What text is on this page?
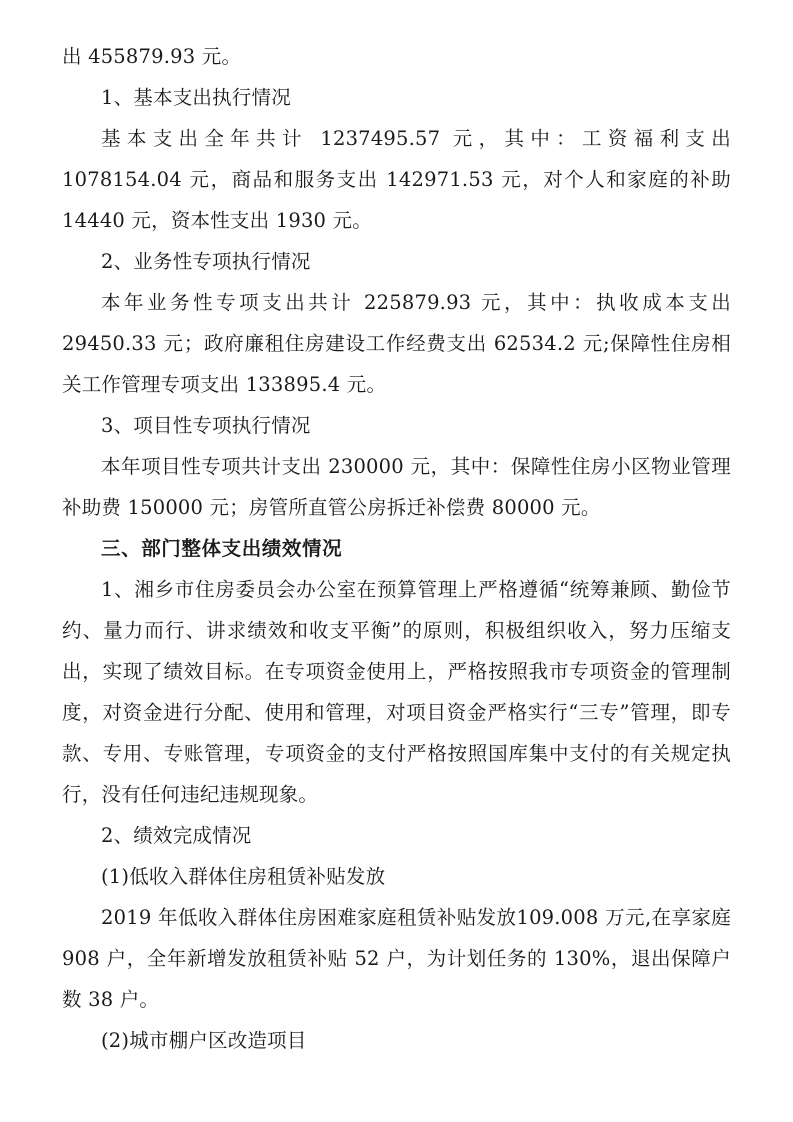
出 455879.93 元。

1、基本支出执行情况

基本支出全年共计 1237495.57 元，其中：工资福利支出 1078154.04 元，商品和服务支出 142971.53 元，对个人和家庭的补助 14440 元，资本性支出 1930 元。

2、业务性专项执行情况

本年业务性专项支出共计 225879.93 元，其中：执收成本支出 29450.33 元；政府廉租住房建设工作经费支出 62534.2 元;保障性住房相关工作管理专项支出 133895.4 元。

3、项目性专项执行情况

本年项目性专项共计支出 230000 元，其中：保障性住房小区物业管理补助费 150000 元；房管所直管公房拆迁补偿费 80000 元。

三、部门整体支出绩效情况

1、湘乡市住房委员会办公室在预算管理上严格遵循“统筹兼顾、勤俭节约、量力而行、讲求绩效和收支平衡”的原则，积极组织收入，努力压缩支出，实现了绩效目标。在专项资金使用上，严格按照我市专项资金的管理制度，对资金进行分配、使用和管理，对项目资金严格实行“三专”管理，即专款、专用、专账管理，专项资金的支付严格按照国库集中支付的有关规定执行，没有任何违纪违规现象。

2、绩效完成情况

(1)低收入群体住房租赁补贴发放

2019 年低收入群体住房困难家庭租赁补贴发放109.008 万元,在享家庭 908 户，全年新增发放租赁补贴 52 户，为计划任务的 130%，退出保障户数 38 户。

(2)城市棚户区改造项目
